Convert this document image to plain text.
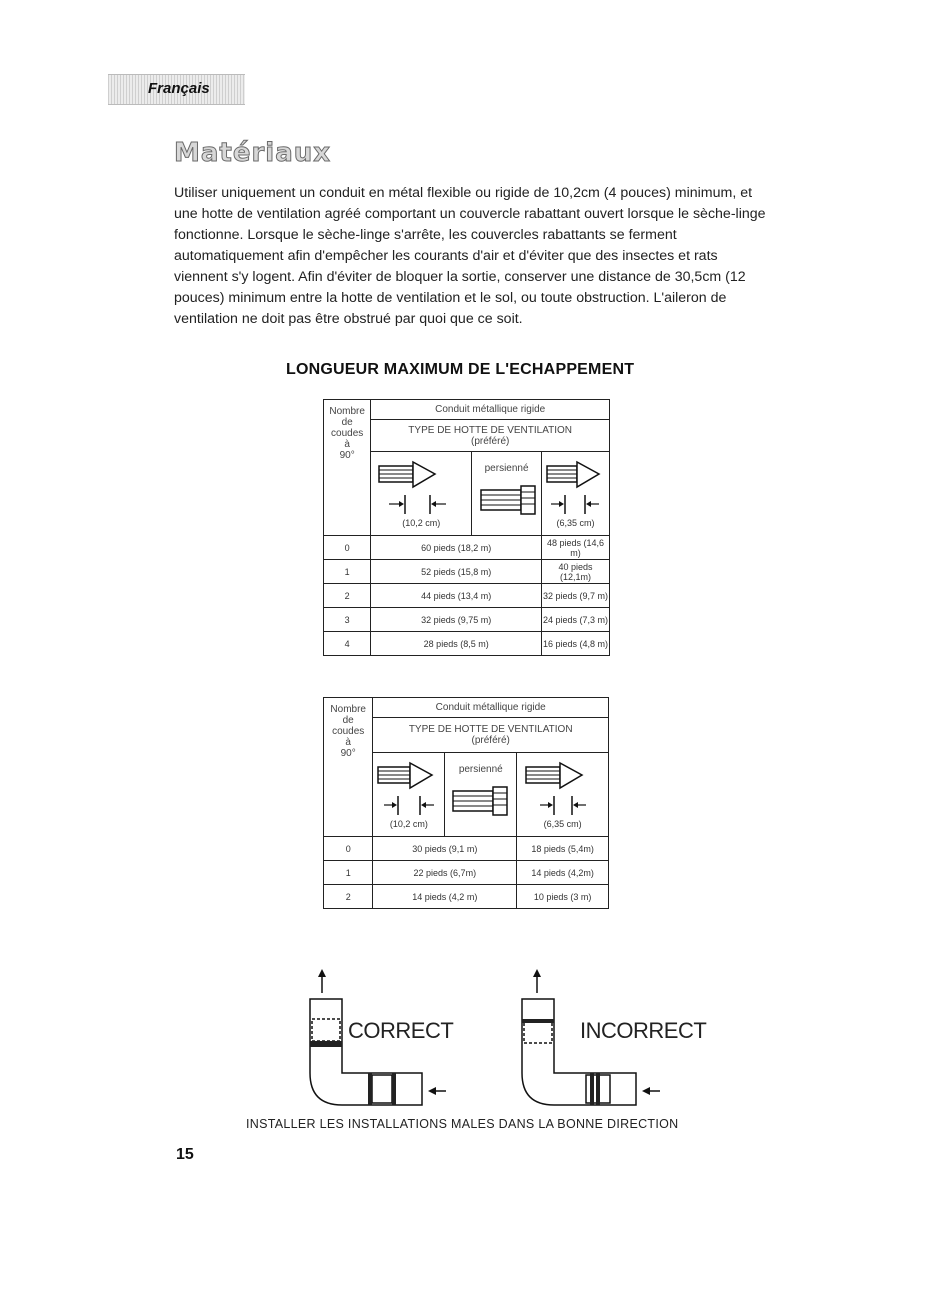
Français
Matériaux

Utiliser uniquement un conduit en métal flexible ou rigide de 10,2cm (4 pouces) minimum, et une hotte de ventilation agréé comportant un couvercle rabattant ouvert lorsque le sèche-linge fonctionne. Lorsque le sèche-linge s'arrête, les couvercles rabattants se ferment automatiquement afin d'empêcher les courants d'air et d'éviter que des insectes et rats viennent s'y logent. Afin d'éviter de bloquer la sortie, conserver une distance de 30,5cm (12 pouces) minimum entre la hotte de ventilation et le sol, ou toute obstruction. L'aileron de ventilation ne doit pas être obstrué par quoi que ce soit.

LONGUEUR MAXIMUM DE L'ECHAPPEMENT
Nombre
de
coudes
à
90°	Conduit métallique rigide		

	TYPE DE HOTTE DE VENTILATION
(préféré)		

	(10,2 cm)	persienné	(6,35 cm)

0	60 pieds (18,2 m)		48 pieds (14,6 m)
1	52 pieds (15,8 m)		40 pieds (12,1m)
2	44 pieds (13,4 m)		32 pieds (9,7 m)
3	32 pieds (9,75 m)		24 pieds (7,3 m)
4	28 pieds (8,5 m)		16 pieds (4,8 m)
Nombre
de
coudes
à
90°	Conduit métallique rigide		

	TYPE DE HOTTE DE VENTILATION
(préféré)		

	(10,2 cm)	persienné	(6,35 cm)

0	30 pieds (9,1 m)		18 pieds (5,4m)
1	22 pieds (6,7m)		14 pieds (4,2m)
2	14 pieds (4,2 m)		10 pieds (3 m)
CORRECT	INCORRECT
INSTALLER LES INSTALLATIONS MALES DANS LA BONNE DIRECTION
15
